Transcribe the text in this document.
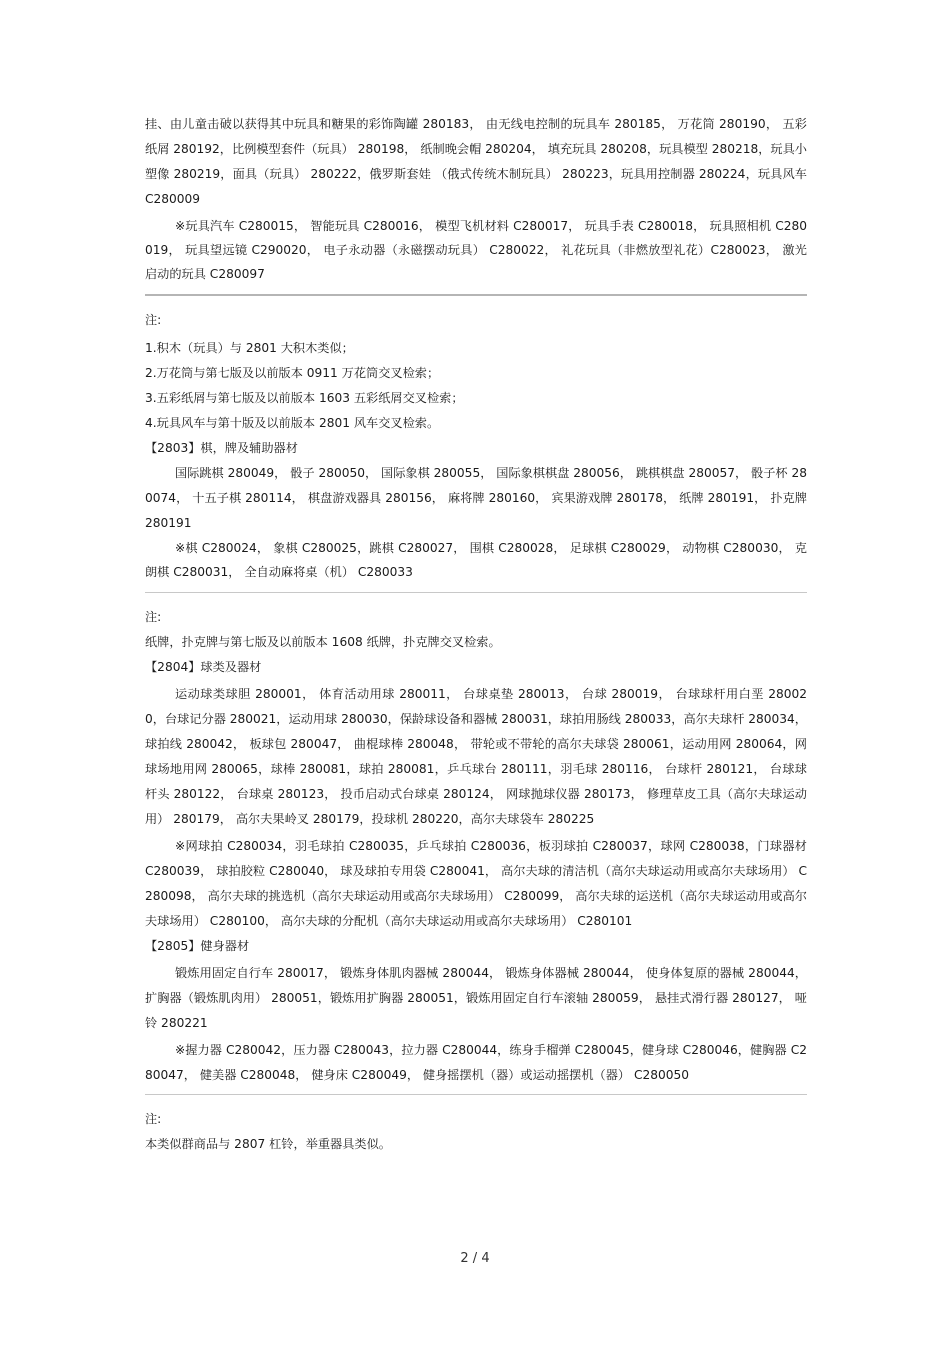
挂、由儿童击破以获得其中玩具和糖果的彩饰陶罐 280183， 由无线电控制的玩具车 280185， 万花筒 280190， 五彩纸屑 280192，比例模型套件（玩具） 280198， 纸制晚会帽 280204， 填充玩具 280208，玩具模型 280218，玩具小塑像 280219，面具（玩具） 280222，俄罗斯套娃 （俄式传统木制玩具） 280223，玩具用控制器 280224，玩具风车 C280009

※玩具汽车 C280015， 智能玩具 C280016， 模型飞机材料 C280017， 玩具手表 C280018， 玩具照相机 C280019， 玩具望远镜 C290020， 电子永动器（永磁摆动玩具） C280022， 礼花玩具（非燃放型礼花）C280023， 激光启动的玩具 C280097

注:

1.积木（玩具）与 2801 大积木类似；

2.万花筒与第七版及以前版本 0911 万花筒交叉检索；

3.五彩纸屑与第七版及以前版本 1603 五彩纸屑交叉检索；

4.玩具风车与第十版及以前版本 2801 风车交叉检索。

【2803】棋，牌及辅助器材

国际跳棋 280049， 骰子 280050， 国际象棋 280055， 国际象棋棋盘 280056， 跳棋棋盘 280057， 骰子杯 280074， 十五子棋 280114， 棋盘游戏器具 280156， 麻将牌 280160， 宾果游戏牌 280178， 纸牌 280191， 扑克牌 280191

※棋 C280024， 象棋 C280025，跳棋 C280027， 围棋 C280028， 足球棋 C280029， 动物棋 C280030， 克朗棋 C280031， 全自动麻将桌（机） C280033

注:

纸牌，扑克牌与第七版及以前版本 1608 纸牌，扑克牌交叉检索。

【2804】球类及器材

运动球类球胆 280001， 体育活动用球 280011， 台球桌垫 280013， 台球 280019， 台球球杆用白垩 280020，台球记分器 280021，运动用球 280030，保龄球设备和器械 280031，球拍用肠线 280033，高尔夫球杆 280034， 球拍线 280042， 板球包 280047， 曲棍球棒 280048， 带轮或不带轮的高尔夫球袋 280061，运动用网 280064，网球场地用网 280065，球棒 280081，球拍 280081，乒乓球台 280111，羽毛球 280116， 台球杆 280121， 台球球杆头 280122， 台球桌 280123， 投币启动式台球桌 280124， 网球抛球仪器 280173， 修理草皮工具（高尔夫球运动用） 280179， 高尔夫果岭叉 280179，投球机 280220，高尔夫球袋车 280225

※网球拍 C280034，羽毛球拍 C280035，乒乓球拍 C280036，板羽球拍 C280037，球网 C280038，门球器材 C280039， 球拍胶粒 C280040， 球及球拍专用袋 C280041， 高尔夫球的清洁机（高尔夫球运动用或高尔夫球场用） C280098， 高尔夫球的挑选机（高尔夫球运动用或高尔夫球场用） C280099， 高尔夫球的运送机（高尔夫球运动用或高尔夫球场用） C280100， 高尔夫球的分配机（高尔夫球运动用或高尔夫球场用） C280101

【2805】健身器材

锻炼用固定自行车 280017， 锻炼身体肌肉器械 280044， 锻炼身体器械 280044， 使身体复原的器械 280044， 扩胸器（锻炼肌肉用） 280051，锻炼用扩胸器 280051，锻炼用固定自行车滚轴 280059， 悬挂式滑行器 280127， 哑铃 280221

※握力器 C280042，压力器 C280043，拉力器 C280044，练身手榴弹 C280045，健身球 C280046，健胸器 C280047， 健美器 C280048， 健身床 C280049， 健身摇摆机（器）或运动摇摆机（器） C280050

注:

本类似群商品与 2807 杠铃，举重器具类似。

2 / 4
